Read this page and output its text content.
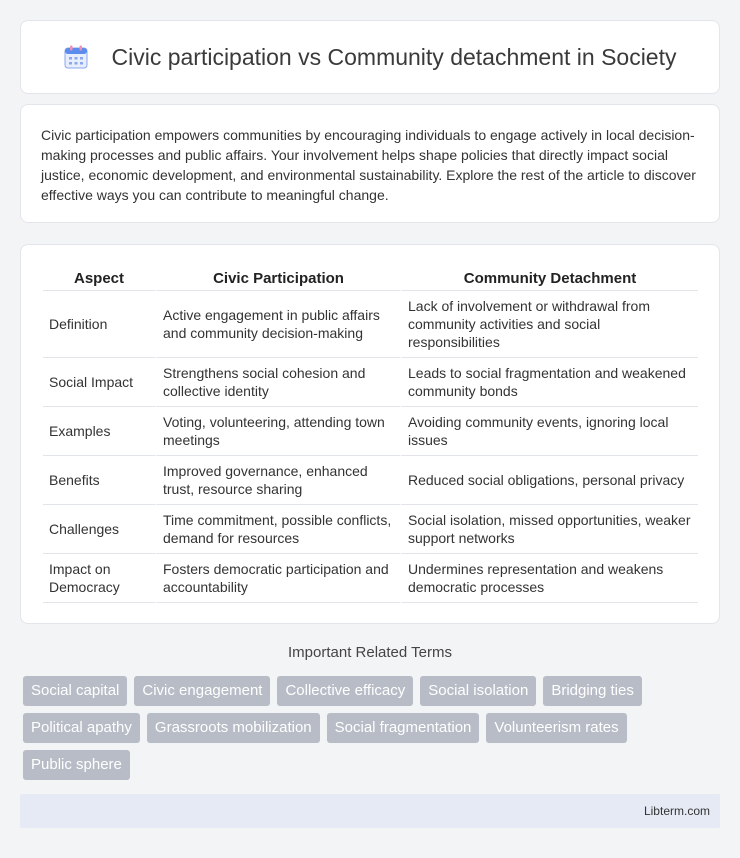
Civic participation vs Community detachment in Society

Civic participation empowers communities by encouraging individuals to engage actively in local decision-making processes and public affairs. Your involvement helps shape policies that directly impact social justice, economic development, and environmental sustainability. Explore the rest of the article to discover effective ways you can contribute to meaningful change.

Aspect	Civic Participation	Community Detachment
Definition	Active engagement in public affairs and community decision-making	Lack of involvement or withdrawal from community activities and social responsibilities
Social Impact	Strengthens social cohesion and collective identity	Leads to social fragmentation and weakened community bonds
Examples	Voting, volunteering, attending town meetings	Avoiding community events, ignoring local issues
Benefits	Improved governance, enhanced trust, resource sharing	Reduced social obligations, personal privacy
Challenges	Time commitment, possible conflicts, demand for resources	Social isolation, missed opportunities, weaker support networks
Impact on Democracy	Fosters democratic participation and accountability	Undermines representation and weakens democratic processes
Important Related Terms
Social capital	Civic engagement	Collective efficacy	Social isolation	Bridging ties
Political apathy	Grassroots mobilization	Social fragmentation	Volunteerism rates
Public sphere
Libterm.com
